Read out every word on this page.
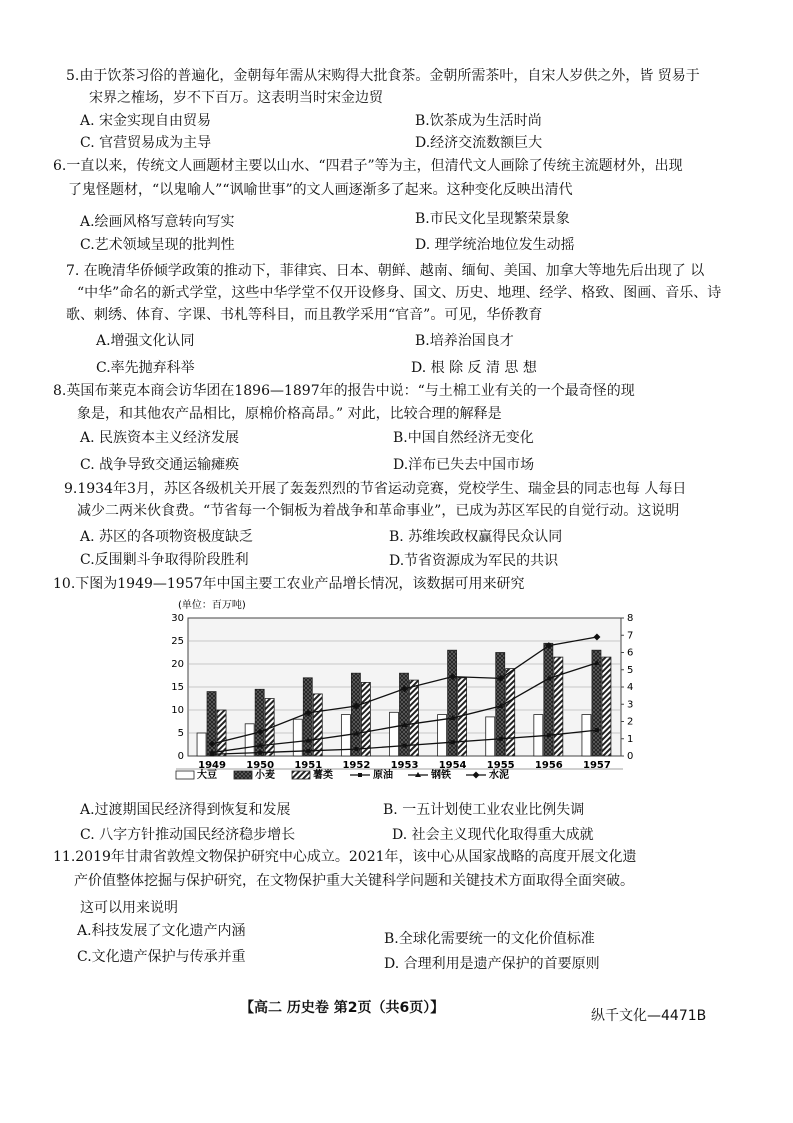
5.由于饮茶习俗的普遍化，金朝每年需从宋购得大批食茶。金朝所需茶叶，自宋人岁供之外，皆 贸易于
宋界之榷场，岁不下百万。这表明当时宋金边贸
A. 宋金实现自由贸易	B.饮茶成为生活时尚
C. 官营贸易成为主导	D.经济交流数额巨大
6.一直以来，传统文人画题材主要以山水、“四君子”等为主，但清代文人画除了传统主流题材外，出现
了鬼怪题材，“以鬼喻人”“讽喻世事”的文人画逐渐多了起来。这种变化反映出清代
A.绘画风格写意转向写实	B.市民文化呈现繁荣景象
C.艺术领域呈现的批判性	D. 理学统治地位发生动摇
7. 在晚清华侨倾学政策的推动下，菲律宾、日本、朝鲜、越南、缅甸、美国、加拿大等地先后出现了 以
“中华”命名的新式学堂，这些中华学堂不仅开设修身、国文、历史、地理、经学、格致、图画、音乐、诗
歌、刺绣、体育、字课、书札等科目，而且教学采用“官音”。可见，华侨教育
A.增强文化认同	B.培养治国良才
C.率先抛弃科举	D. 根 除 反 清 思 想
8.英国布莱克本商会访华团在1896—1897年的报告中说：“与土棉工业有关的一个最奇怪的现
象是，和其他农产品相比，原棉价格高昂。” 对此，比较合理的解释是
A. 民族资本主义经济发展	B.中国自然经济无变化
C. 战争导致交通运输瘫痪	D.洋布已失去中国市场
9.1934年3月，苏区各级机关开展了轰轰烈烈的节省运动竞赛，党校学生、瑞金县的同志也每 人每日
减少二两米伙食费。“节省每一个铜板为着战争和革命事业”，已成为苏区军民的自觉行动。这说明
A. 苏区的各项物资极度缺乏	B. 苏维埃政权赢得民众认同
C.反围剿斗争取得阶段胜利	D.节省资源成为军民的共识
10.下图为1949—1957年中国主要工农业产品增长情况，该数据可用来研究
(单位：百万吨)
0
5
10
15
20
25
30
0
1
2
3
4
5
6
7
8
1949 1950 1951 1952 1953 1954 1955 1956 1957
大豆	小麦	薯类	原油	钢铁	水泥
A.过渡期国民经济得到恢复和发展	B. 一五计划使工业农业比例失调
C. 八字方针推动国民经济稳步增长	D. 社会主义现代化取得重大成就
11.2019年甘肃省敦煌文物保护研究中心成立。2021年，该中心从国家战略的高度开展文化遗
产价值整体挖掘与保护研究，在文物保护重大关键科学问题和关键技术方面取得全面突破。
这可以用来说明
A.科技发展了文化遗产内涵	B.全球化需要统一的文化价值标准
C.文化遗产保护与传承并重	D. 合理利用是遗产保护的首要原则
【高二 历史卷 第2页（共6页）】	纵千文化—4471B
